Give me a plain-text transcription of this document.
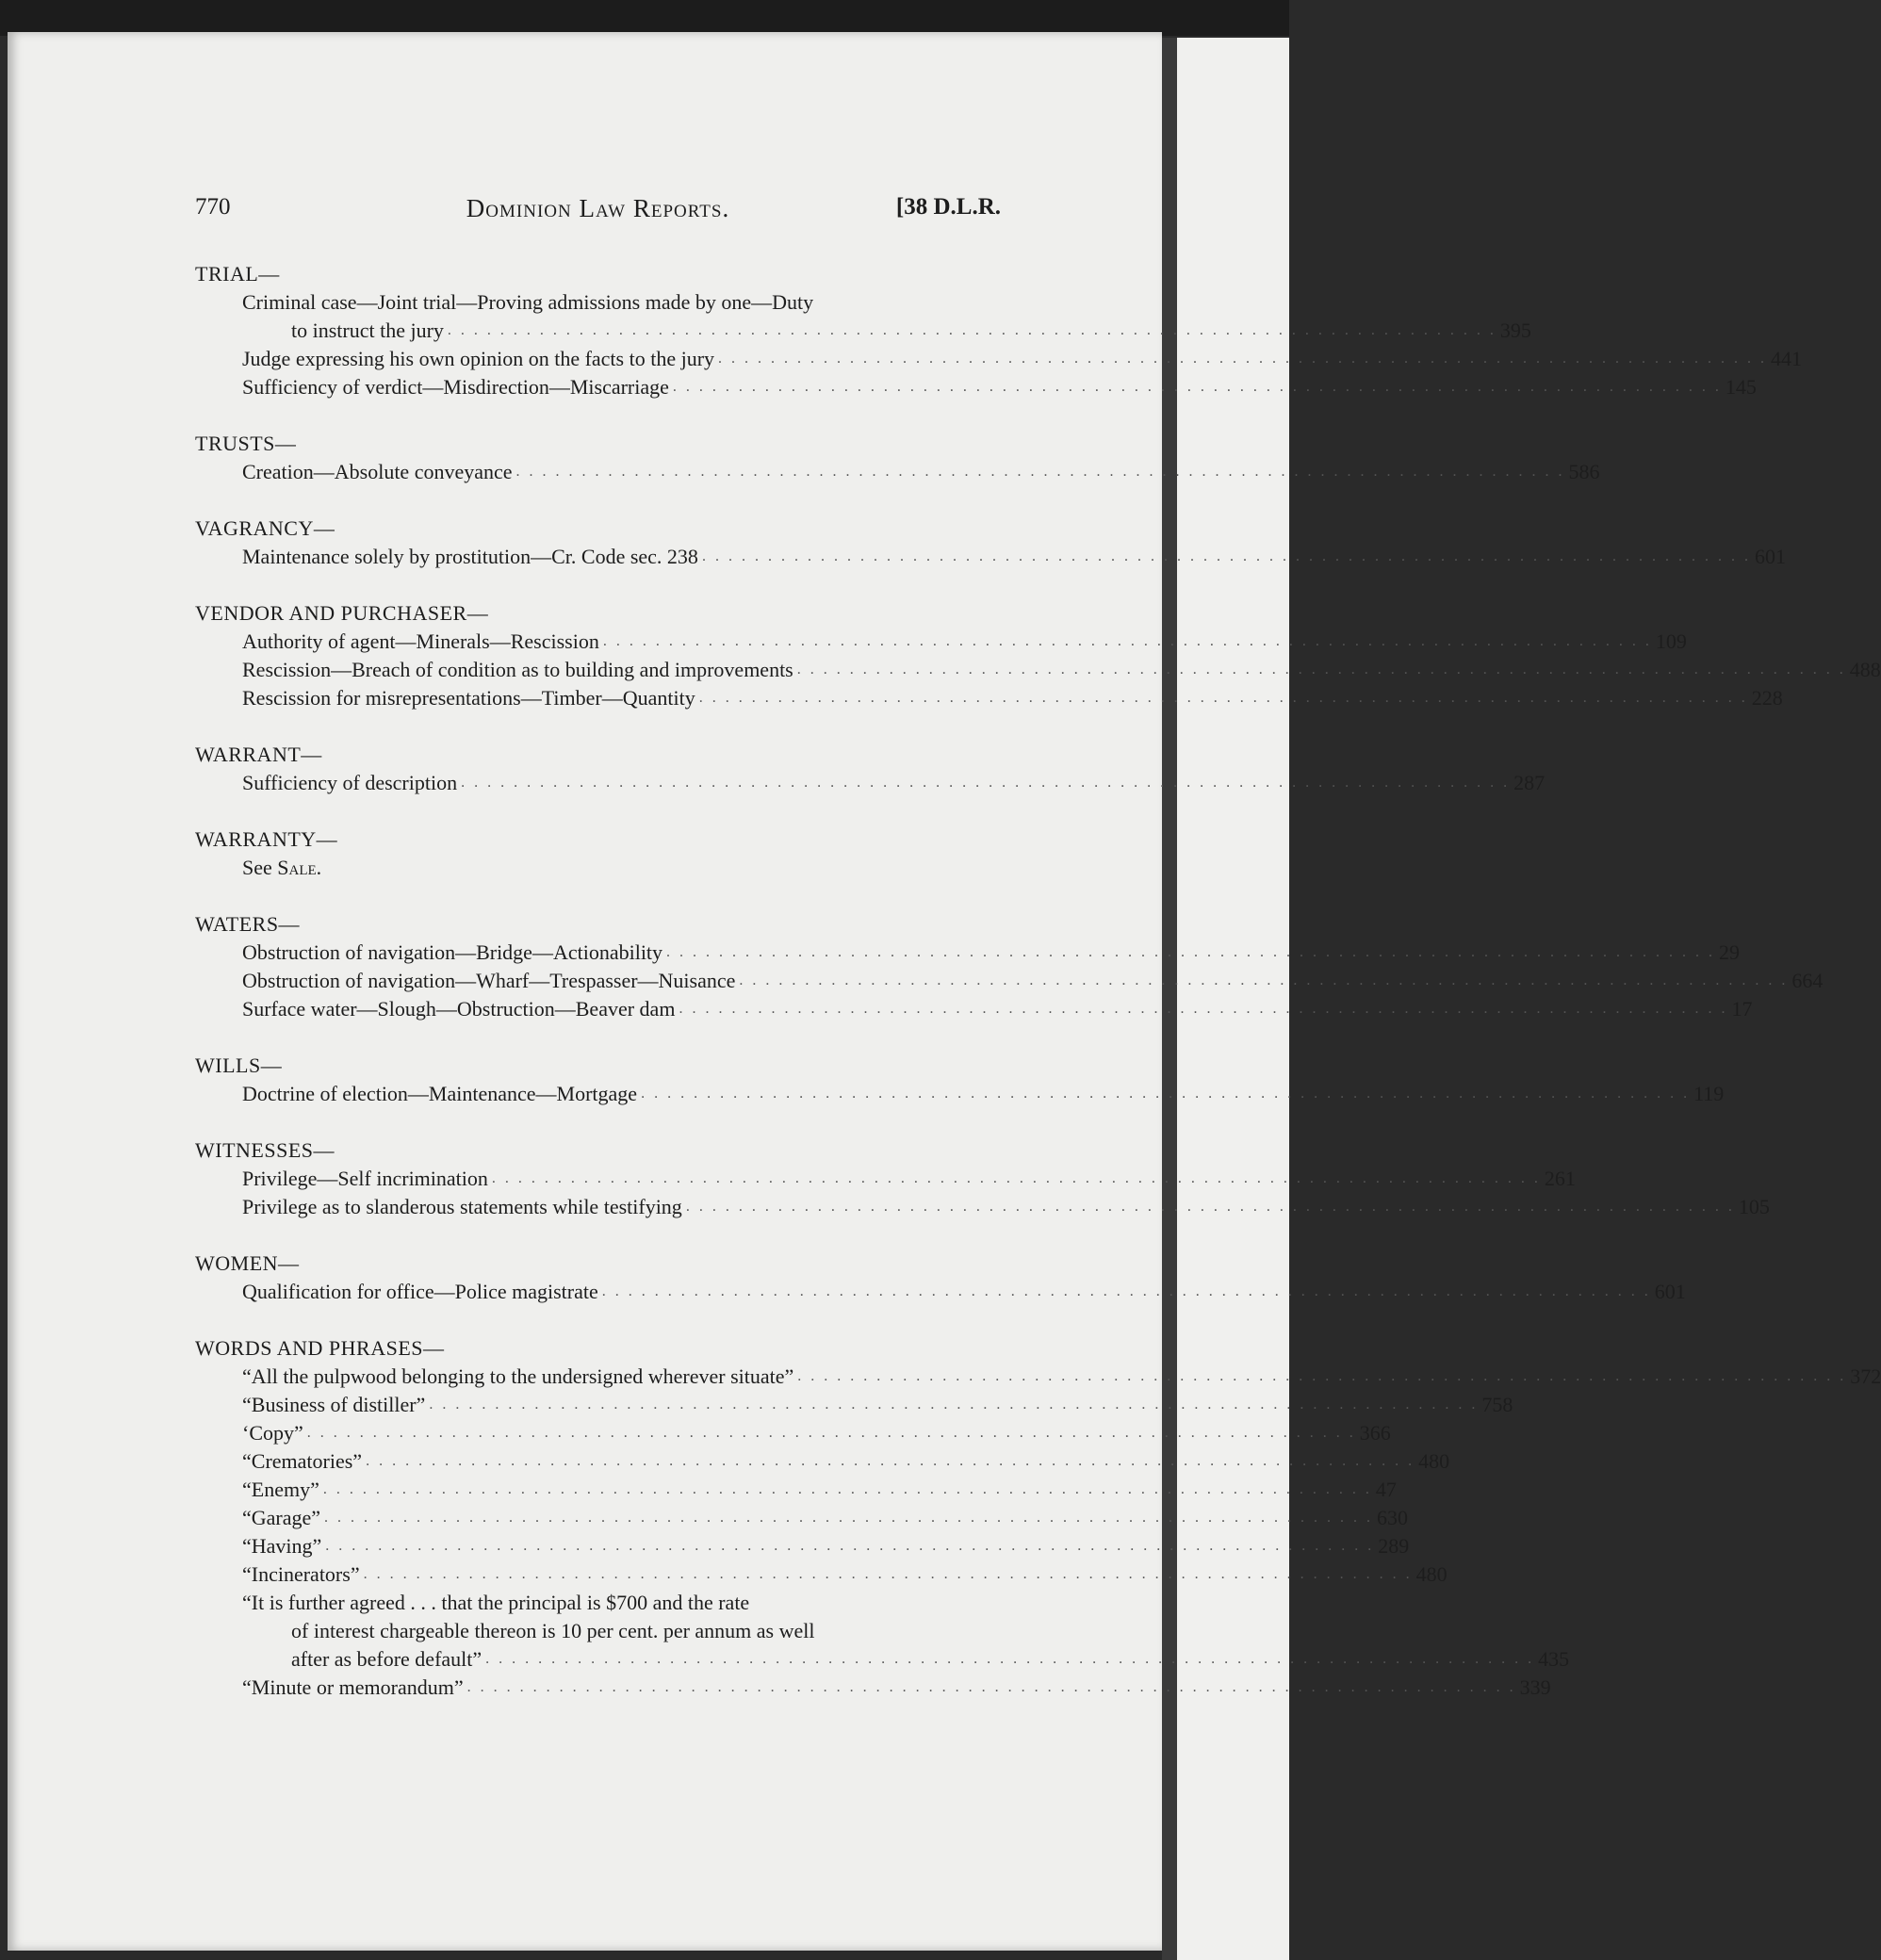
770	Dominion Law Reports.	[38 D.L.R.
TRIAL—
Criminal case—Joint trial—Proving admissions made by one—Duty
to instruct the jury . . . . . . . . . . . . . . . . . . . . . . . . . . . . . . . . . . . . . . . . . . . . . . . . . . . . . . . . . . . . . . . . . . . . . . . . . . . . . . . . 395
Judge expressing his own opinion on the facts to the jury . . . . . . . . . . . . . . . . . . . . . . . . . . . . . . . . . . . . . . . . . . . . . . . . . . . . . . . . . . . . . . . . . . . . . . . . . . . . . . . . 441
Sufficiency of verdict—Misdirection—Miscarriage . . . . . . . . . . . . . . . . . . . . . . . . . . . . . . . . . . . . . . . . . . . . . . . . . . . . . . . . . . . . . . . . . . . . . . . . . . . . . . . . 145
TRUSTS—
Creation—Absolute conveyance . . . . . . . . . . . . . . . . . . . . . . . . . . . . . . . . . . . . . . . . . . . . . . . . . . . . . . . . . . . . . . . . . . . . . . . . . . . . . . . . 586
VAGRANCY—
Maintenance solely by prostitution—Cr. Code sec. 238 . . . . . . . . . . . . . . . . . . . . . . . . . . . . . . . . . . . . . . . . . . . . . . . . . . . . . . . . . . . . . . . . . . . . . . . . . . . . . . . . 601
VENDOR AND PURCHASER—
Authority of agent—Minerals—Rescission . . . . . . . . . . . . . . . . . . . . . . . . . . . . . . . . . . . . . . . . . . . . . . . . . . . . . . . . . . . . . . . . . . . . . . . . . . . . . . . . 109
Rescission—Breach of condition as to building and improvements . . . . . . . . . . . . . . . . . . . . . . . . . . . . . . . . . . . . . . . . . . . . . . . . . . . . . . . . . . . . . . . . . . . . . . . . . . . . . . . . 488
Rescission for misrepresentations—Timber—Quantity . . . . . . . . . . . . . . . . . . . . . . . . . . . . . . . . . . . . . . . . . . . . . . . . . . . . . . . . . . . . . . . . . . . . . . . . . . . . . . . . 228
WARRANT—
Sufficiency of description . . . . . . . . . . . . . . . . . . . . . . . . . . . . . . . . . . . . . . . . . . . . . . . . . . . . . . . . . . . . . . . . . . . . . . . . . . . . . . . . 287
WARRANTY—
See Sale.
WATERS—
Obstruction of navigation—Bridge—Actionability . . . . . . . . . . . . . . . . . . . . . . . . . . . . . . . . . . . . . . . . . . . . . . . . . . . . . . . . . . . . . . . . . . . . . . . . . . . . . . . . 29
Obstruction of navigation—Wharf—Trespasser—Nuisance . . . . . . . . . . . . . . . . . . . . . . . . . . . . . . . . . . . . . . . . . . . . . . . . . . . . . . . . . . . . . . . . . . . . . . . . . . . . . . . . 664
Surface water—Slough—Obstruction—Beaver dam . . . . . . . . . . . . . . . . . . . . . . . . . . . . . . . . . . . . . . . . . . . . . . . . . . . . . . . . . . . . . . . . . . . . . . . . . . . . . . . . 17
WILLS—
Doctrine of election—Maintenance—Mortgage . . . . . . . . . . . . . . . . . . . . . . . . . . . . . . . . . . . . . . . . . . . . . . . . . . . . . . . . . . . . . . . . . . . . . . . . . . . . . . . . 119
WITNESSES—
Privilege—Self incrimination . . . . . . . . . . . . . . . . . . . . . . . . . . . . . . . . . . . . . . . . . . . . . . . . . . . . . . . . . . . . . . . . . . . . . . . . . . . . . . . . 261
Privilege as to slanderous statements while testifying . . . . . . . . . . . . . . . . . . . . . . . . . . . . . . . . . . . . . . . . . . . . . . . . . . . . . . . . . . . . . . . . . . . . . . . . . . . . . . . . 105
WOMEN—
Qualification for office—Police magistrate . . . . . . . . . . . . . . . . . . . . . . . . . . . . . . . . . . . . . . . . . . . . . . . . . . . . . . . . . . . . . . . . . . . . . . . . . . . . . . . . 601
WORDS AND PHRASES—
“All the pulpwood belonging to the undersigned wherever situate” . . . . . . . . . . . . . . . . . . . . . . . . . . . . . . . . . . . . . . . . . . . . . . . . . . . . . . . . . . . . . . . . . . . . . . . . . . . . . . . . 372
“Business of distiller” . . . . . . . . . . . . . . . . . . . . . . . . . . . . . . . . . . . . . . . . . . . . . . . . . . . . . . . . . . . . . . . . . . . . . . . . . . . . . . . . 758
‘Copy” . . . . . . . . . . . . . . . . . . . . . . . . . . . . . . . . . . . . . . . . . . . . . . . . . . . . . . . . . . . . . . . . . . . . . . . . . . . . . . . . 366
“Crematories” . . . . . . . . . . . . . . . . . . . . . . . . . . . . . . . . . . . . . . . . . . . . . . . . . . . . . . . . . . . . . . . . . . . . . . . . . . . . . . . . 480
“Enemy” . . . . . . . . . . . . . . . . . . . . . . . . . . . . . . . . . . . . . . . . . . . . . . . . . . . . . . . . . . . . . . . . . . . . . . . . . . . . . . . . 47
“Garage” . . . . . . . . . . . . . . . . . . . . . . . . . . . . . . . . . . . . . . . . . . . . . . . . . . . . . . . . . . . . . . . . . . . . . . . . . . . . . . . . 630
“Having” . . . . . . . . . . . . . . . . . . . . . . . . . . . . . . . . . . . . . . . . . . . . . . . . . . . . . . . . . . . . . . . . . . . . . . . . . . . . . . . . 289
“Incinerators” . . . . . . . . . . . . . . . . . . . . . . . . . . . . . . . . . . . . . . . . . . . . . . . . . . . . . . . . . . . . . . . . . . . . . . . . . . . . . . . . 480
“It is further agreed . . . that the principal is $700 and the rate
of interest chargeable thereon is 10 per cent. per annum as well
after as before default” . . . . . . . . . . . . . . . . . . . . . . . . . . . . . . . . . . . . . . . . . . . . . . . . . . . . . . . . . . . . . . . . . . . . . . . . . . . . . . . . 435
“Minute or memorandum” . . . . . . . . . . . . . . . . . . . . . . . . . . . . . . . . . . . . . . . . . . . . . . . . . . . . . . . . . . . . . . . . . . . . . . . . . . . . . . . . 339
